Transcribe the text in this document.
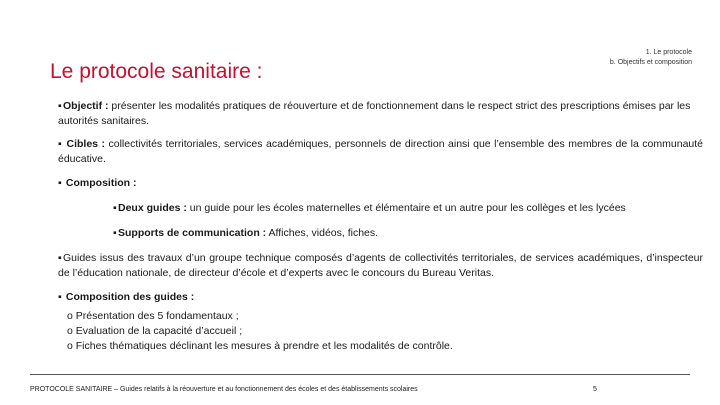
1. Le protocole
b. Objectifs et composition
Le protocole sanitaire :
▪Objectif : présenter les modalités pratiques de réouverture et de fonctionnement dans le respect strict des prescriptions émises par les autorités sanitaires.
▪ Cibles : collectivités territoriales, services académiques, personnels de direction ainsi que l’ensemble des membres de la communauté éducative.
▪ Composition :
▪Deux guides : un guide pour les écoles maternelles et élémentaire et un autre pour les collèges et les lycées
▪Supports de communication : Affiches, vidéos, fiches.
▪Guides issus des travaux d’un groupe technique composés d’agents de collectivités territoriales, de services académiques, d’inspecteur de l’éducation nationale, de directeur d’école et d’experts avec le concours du Bureau Veritas.
▪ Composition des guides :
o Présentation des 5 fondamentaux ;
o Evaluation de la capacité d’accueil ;
o Fiches thématiques déclinant les mesures à prendre et les modalités de contrôle.
PROTOCOLE SANITAIRE – Guides relatifs à la réouverture et au fonctionnement des écoles et des établissements scolaires	5
